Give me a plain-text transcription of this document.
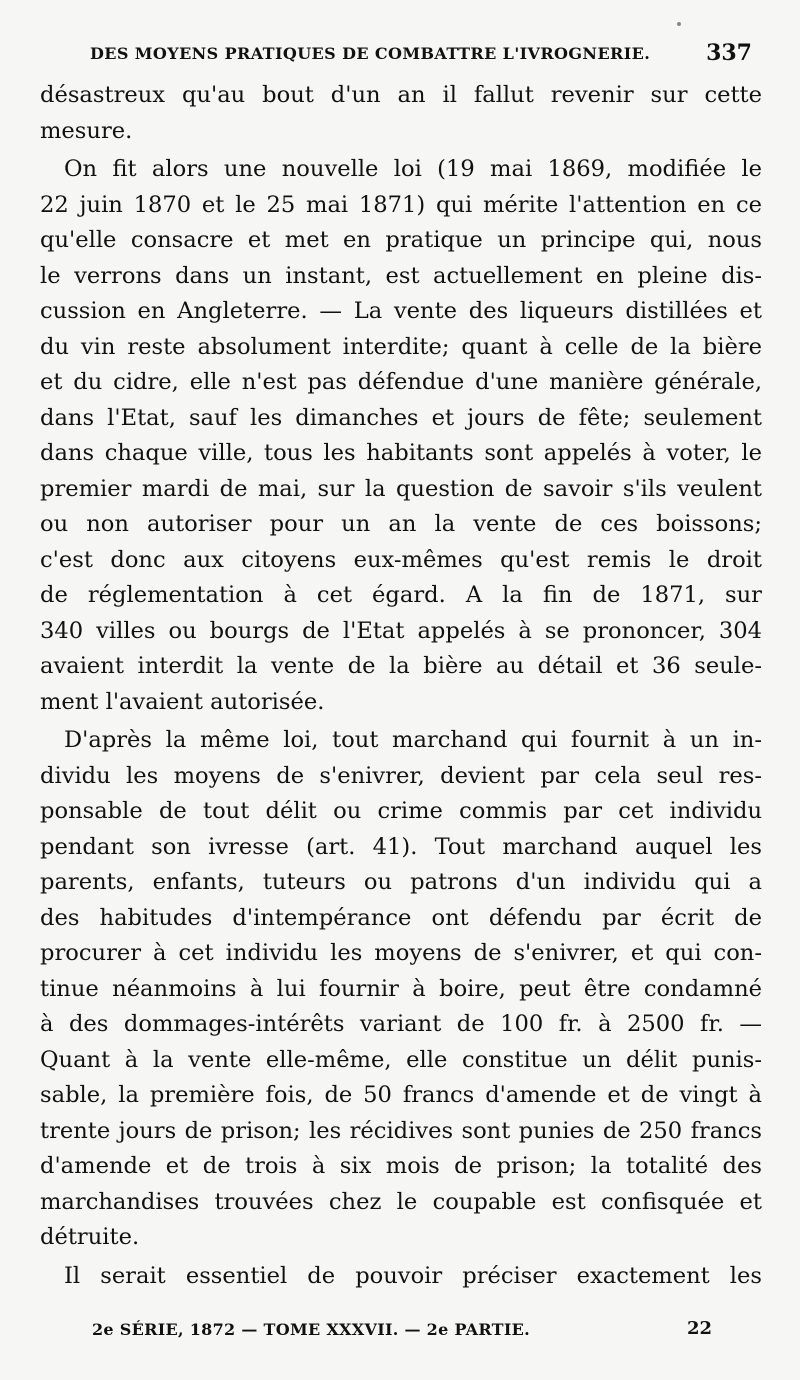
DES MOYENS PRATIQUES DE COMBATTRE L'IVROGNERIE.	337
désastreux qu'au bout d'un an il fallut revenir sur cette
mesure.
On fit alors une nouvelle loi (19 mai 1869, modifiée le
22 juin 1870 et le 25 mai 1871) qui mérite l'attention en ce
qu'elle consacre et met en pratique un principe qui, nous
le verrons dans un instant, est actuellement en pleine dis-
cussion en Angleterre. — La vente des liqueurs distillées et
du vin reste absolument interdite; quant à celle de la bière
et du cidre, elle n'est pas défendue d'une manière générale,
dans l'Etat, sauf les dimanches et jours de fête; seulement
dans chaque ville, tous les habitants sont appelés à voter, le
premier mardi de mai, sur la question de savoir s'ils veulent
ou non autoriser pour un an la vente de ces boissons;
c'est donc aux citoyens eux-mêmes qu'est remis le droit
de réglementation à cet égard. A la fin de 1871, sur
340 villes ou bourgs de l'Etat appelés à se prononcer, 304
avaient interdit la vente de la bière au détail et 36 seule-
ment l'avaient autorisée.
D'après la même loi, tout marchand qui fournit à un in-
dividu les moyens de s'enivrer, devient par cela seul res-
ponsable de tout délit ou crime commis par cet individu
pendant son ivresse (art. 41). Tout marchand auquel les
parents, enfants, tuteurs ou patrons d'un individu qui a
des habitudes d'intempérance ont défendu par écrit de
procurer à cet individu les moyens de s'enivrer, et qui con-
tinue néanmoins à lui fournir à boire, peut être condamné
à des dommages-intérêts variant de 100 fr. à 2500 fr. —
Quant à la vente elle-même, elle constitue un délit punis-
sable, la première fois, de 50 francs d'amende et de vingt à
trente jours de prison; les récidives sont punies de 250 francs
d'amende et de trois à six mois de prison; la totalité des
marchandises trouvées chez le coupable est confisquée et
détruite.
Il serait essentiel de pouvoir préciser exactement les
2e SÉRIE, 1872 — TOME XXXVII. — 2e PARTIE.	22
